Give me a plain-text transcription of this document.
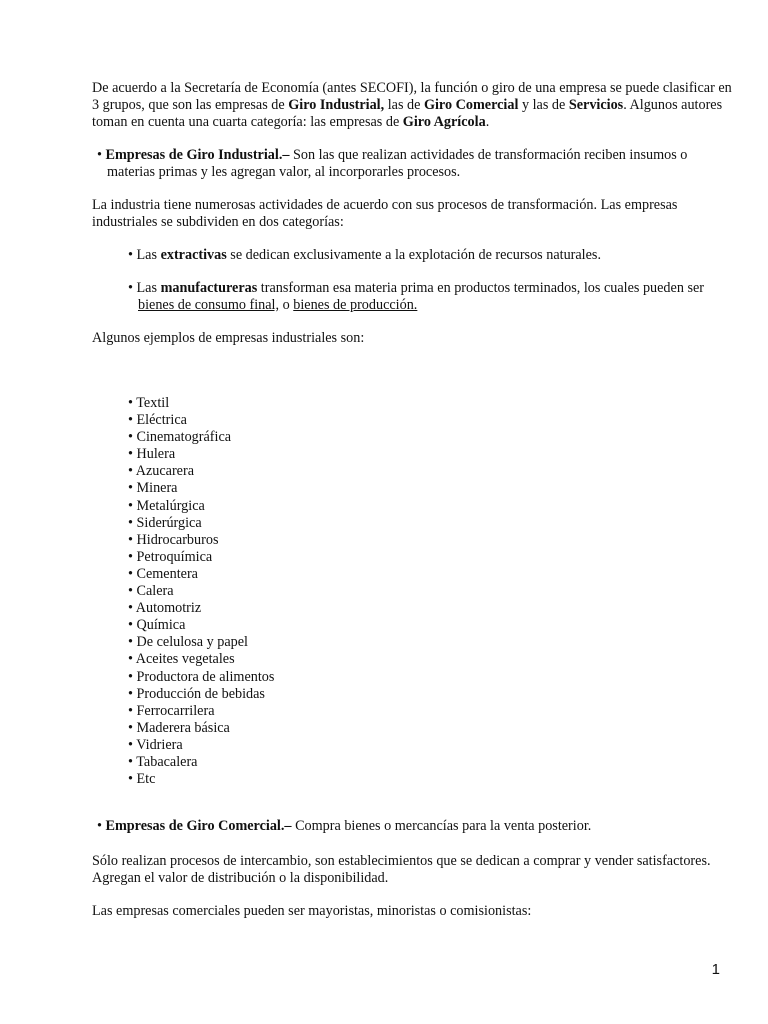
De acuerdo a la Secretaría de Economía (antes SECOFI), la función o giro de una empresa se puede clasificar en 3 grupos, que son las empresas de Giro Industrial, las de Giro Comercial y las de Servicios. Algunos autores toman en cuenta una cuarta categoría: las empresas de Giro Agrícola.

• Empresas de Giro Industrial.– Son las que realizan actividades de transformación reciben insumos o materias primas y les agregan valor, al incorporarles procesos.

La industria tiene numerosas actividades de acuerdo con sus procesos de transformación. Las empresas industriales se subdividen en dos categorías:

• Las extractivas se dedican exclusivamente a la explotación de recursos naturales.

• Las manufactureras transforman esa materia prima en productos terminados, los cuales pueden ser bienes de consumo final, o bienes de producción.

Algunos ejemplos de empresas industriales son:

• Textil
• Eléctrica
• Cinematográfica
• Hulera
• Azucarera
• Minera
• Metalúrgica
• Siderúrgica
• Hidrocarburos
• Petroquímica
• Cementera
• Calera
• Automotriz
• Química
• De celulosa y papel
• Aceites vegetales
• Productora de alimentos
• Producción de bebidas
• Ferrocarrilera
• Maderera básica
• Vidriera
• Tabacalera
• Etc

• Empresas de Giro Comercial.– Compra bienes o mercancías para la venta posterior.

Sólo realizan procesos de intercambio, son establecimientos que se dedican a comprar y vender satisfactores. Agregan el valor de distribución o la disponibilidad.

Las empresas comerciales pueden ser mayoristas, minoristas o comisionistas:

1
